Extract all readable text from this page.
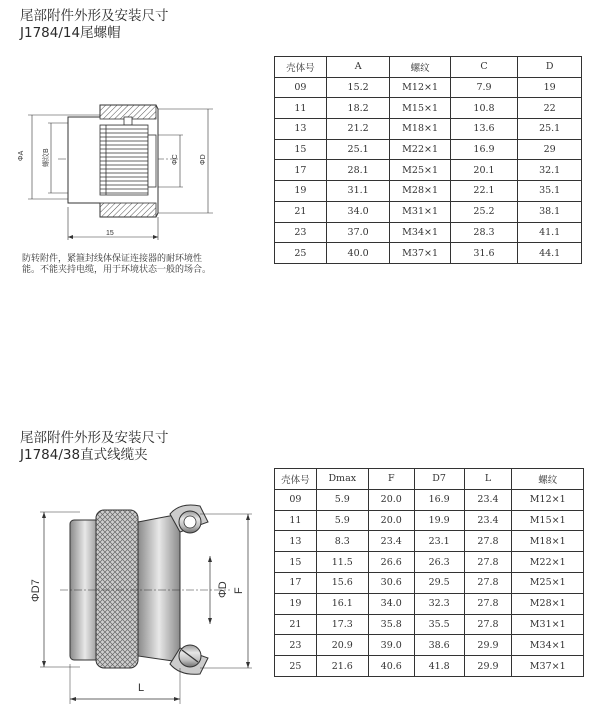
尾部附件外形及安装尺寸
J1784/14尾螺帽
15
ΦA	螺纹B	ΦC	ΦD
壳体号	A	螺纹	C	D
09	15.2	M12×1	7.9	19
11	18.2	M15×1	10.8	22
13	21.2	M18×1	13.6	25.1
15	25.1	M22×1	16.9	29
17	28.1	M25×1	20.1	32.1
19	31.1	M28×1	22.1	35.1
21	34.0	M31×1	25.2	38.1
23	37.0	M34×1	28.3	41.1
25	40.0	M37×1	31.6	44.1
防转附件，紧箍封线体保证连接器的耐环境性
能。不能夹持电缆，用于环境状态一般的场合。
尾部附件外形及安装尺寸
J1784/38直式线缆夹
ΦD7	ΦD F
L
壳体号	Dmax	F	D7	L	螺纹
09	5.9	20.0	16.9	23.4	M12×1
11	5.9	20.0	19.9	23.4	M15×1
13	8.3	23.4	23.1	27.8	M18×1
15	11.5	26.6	26.3	27.8	M22×1
17	15.6	30.6	29.5	27.8	M25×1
19	16.1	34.0	32.3	27.8	M28×1
21	17.3	35.8	35.5	27.8	M31×1
23	20.9	39.0	38.6	29.9	M34×1
25	21.6	40.6	41.8	29.9	M37×1
